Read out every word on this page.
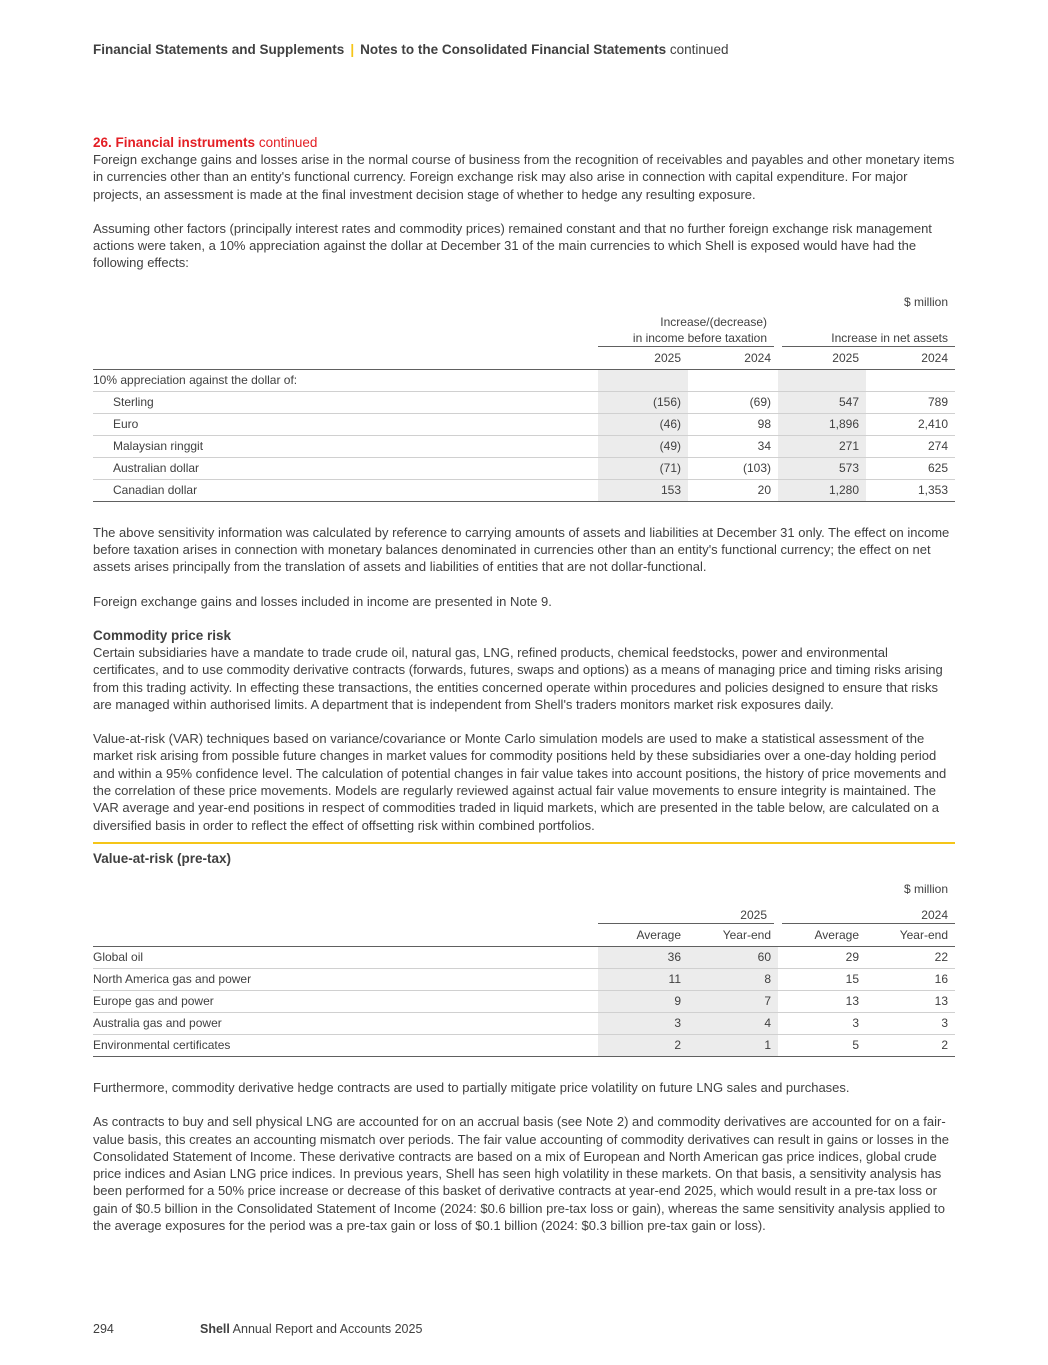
Financial Statements and Supplements | Notes to the Consolidated Financial Statements continued
26. Financial instruments continued

Foreign exchange gains and losses arise in the normal course of business from the recognition of receivables and payables and other monetary items in currencies other than an entity's functional currency. Foreign exchange risk may also arise in connection with capital expenditure. For major projects, an assessment is made at the final investment decision stage of whether to hedge any resulting exposure.

Assuming other factors (principally interest rates and commodity prices) remained constant and that no further foreign exchange risk management actions were taken, a 10% appreciation against the dollar at December 31 of the main currencies to which Shell is exposed would have had the following effects:

$ million				
	Increase/(decrease)
in income before taxation		Increase in net assets	
	2025	2024	2025	2024
10% appreciation against the dollar of:				
Sterling	(156)	(69)	547	789
Euro	(46)	98	1,896	2,410
Malaysian ringgit	(49)	34	271	274
Australian dollar	(71)	(103)	573	625
Canadian dollar	153	20	1,280	1,353

The above sensitivity information was calculated by reference to carrying amounts of assets and liabilities at December 31 only. The effect on income before taxation arises in connection with monetary balances denominated in currencies other than an entity's functional currency; the effect on net assets arises principally from the translation of assets and liabilities of entities that are not dollar-functional.

Foreign exchange gains and losses included in income are presented in Note 9.

Commodity price risk

Certain subsidiaries have a mandate to trade crude oil, natural gas, LNG, refined products, chemical feedstocks, power and environmental certificates, and to use commodity derivative contracts (forwards, futures, swaps and options) as a means of managing price and timing risks arising from this trading activity. In effecting these transactions, the entities concerned operate within procedures and policies designed to ensure that risks are managed within authorised limits. A department that is independent from Shell's traders monitors market risk exposures daily.

Value-at-risk (VAR) techniques based on variance/covariance or Monte Carlo simulation models are used to make a statistical assessment of the market risk arising from possible future changes in market values for commodity positions held by these subsidiaries over a one-day holding period and within a 95% confidence level. The calculation of potential changes in fair value takes into account positions, the history of price movements and the correlation of these price movements. Models are regularly reviewed against actual fair value movements to ensure integrity is maintained. The VAR average and year-end positions in respect of commodities traded in liquid markets, which are presented in the table below, are calculated on a diversified basis in order to reflect the effect of offsetting risk within combined portfolios.

Value-at-risk (pre-tax)

$ million				
	2025		2024	
	Average	Year-end	Average	Year-end
Global oil	36	60	29	22
North America gas and power	11	8	15	16
Europe gas and power	9	7	13	13
Australia gas and power	3	4	3	3
Environmental certificates	2	1	5	2

Furthermore, commodity derivative hedge contracts are used to partially mitigate price volatility on future LNG sales and purchases.

As contracts to buy and sell physical LNG are accounted for on an accrual basis (see Note 2) and commodity derivatives are accounted for on a fair-value basis, this creates an accounting mismatch over periods. The fair value accounting of commodity derivatives can result in gains or losses in the Consolidated Statement of Income. These derivative contracts are based on a mix of European and North American gas price indices, global crude price indices and Asian LNG price indices. In previous years, Shell has seen high volatility in these markets. On that basis, a sensitivity analysis has been performed for a 50% price increase or decrease of this basket of derivative contracts at year-end 2025, which would result in a pre-tax loss or gain of $0.5 billion in the Consolidated Statement of Income (2024: $0.6 billion pre-tax loss or gain), whereas the same sensitivity analysis applied to the average exposures for the period was a pre-tax gain or loss of $0.1 billion (2024: $0.3 billion pre-tax gain or loss).

294	Shell Annual Report and Accounts 2025
